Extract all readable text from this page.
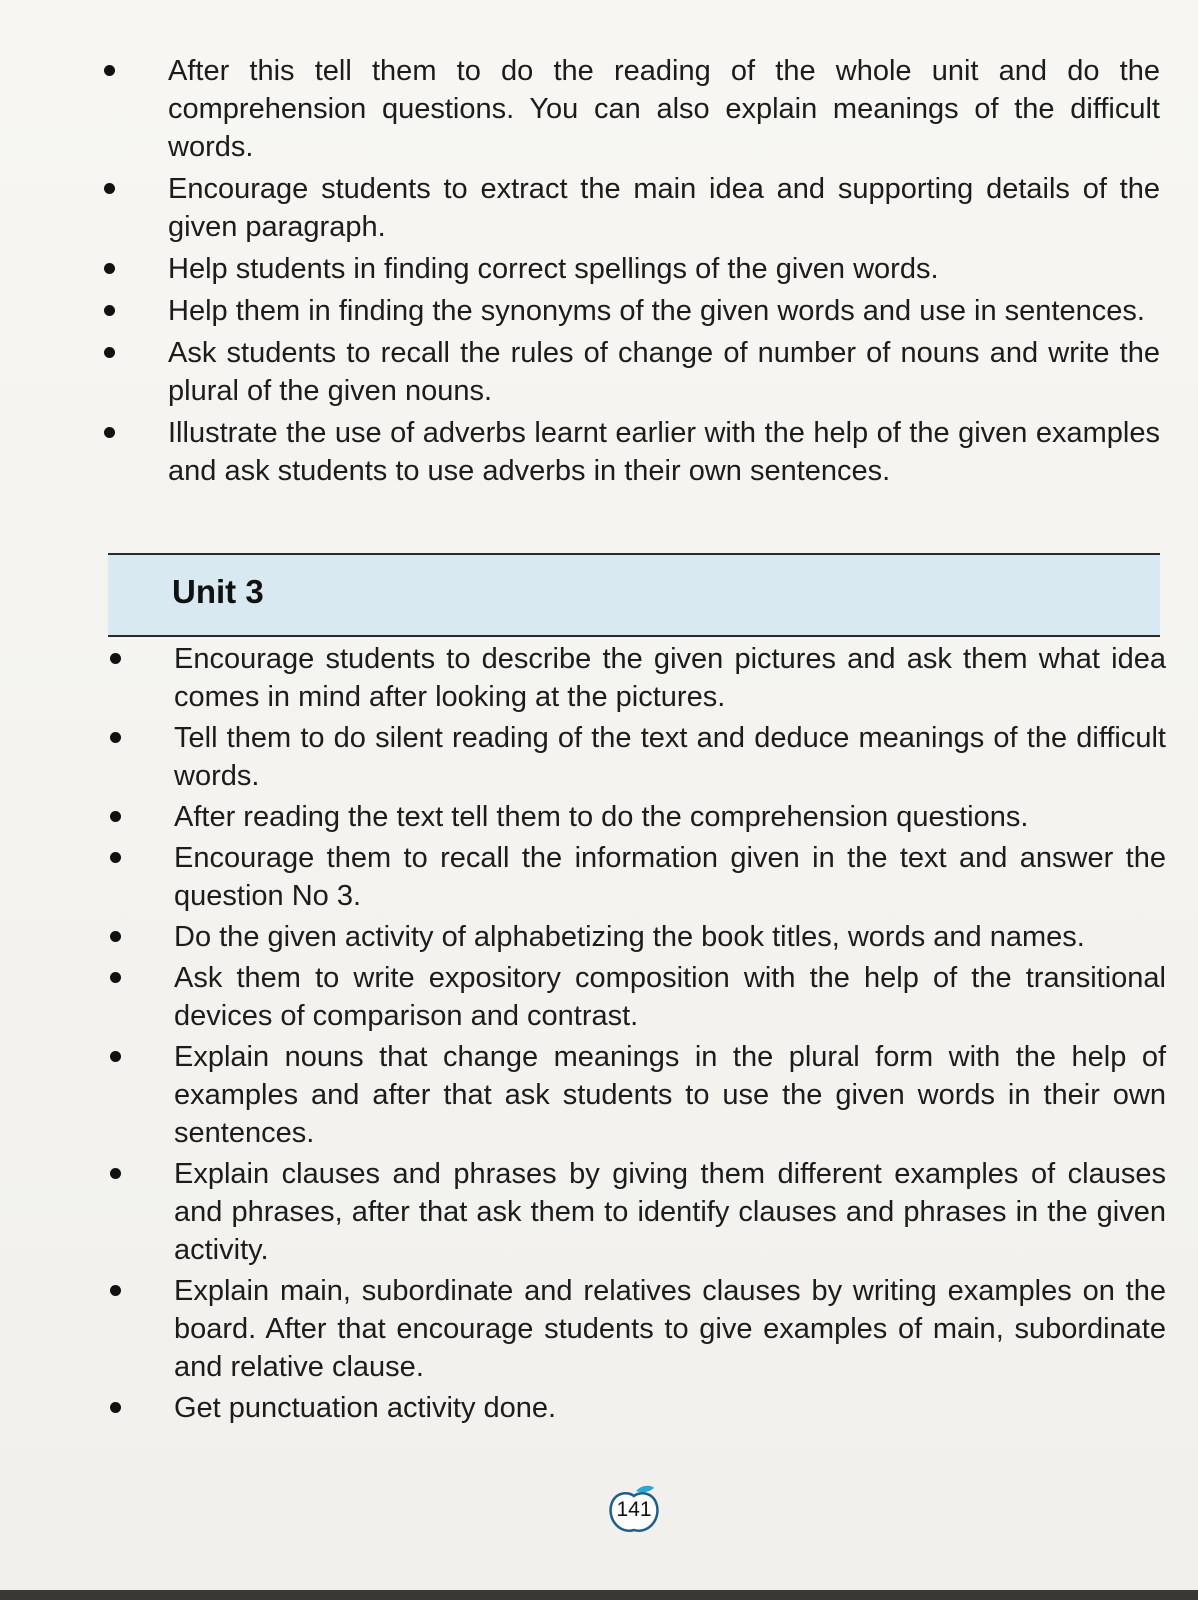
After this tell them to do the reading of the whole unit and do the comprehension questions. You can also explain meanings of the difficult words.
Encourage students to extract the main idea and supporting details of the given paragraph.
Help students in finding correct spellings of the given words.
Help them in finding the synonyms of the given words and use in sentences.
Ask students to recall the rules of change of number of nouns and write the plural of the given nouns.
Illustrate the use of adverbs learnt earlier with the help of the given examples and ask students to use adverbs in their own sentences.
Unit 3
Encourage students to describe the given pictures and ask them what idea comes in mind after looking at the pictures.
Tell them to do silent reading of the text and deduce meanings of the difficult words.
After reading the text tell them to do the comprehension questions.
Encourage them to recall the information given in the text and answer the question No 3.
Do the given activity of alphabetizing the book titles, words and names.
Ask them to write expository composition with the help of the transitional devices of comparison and contrast.
Explain nouns that change meanings in the plural form with the help of examples and after that ask students to use the given words in their own sentences.
Explain clauses and phrases by giving them different examples of clauses and phrases, after that ask them to identify clauses and phrases in the given activity.
Explain main, subordinate and relatives clauses by writing examples on the board. After that encourage students to give examples of main, subordinate and relative clause.
Get punctuation activity done.
141
